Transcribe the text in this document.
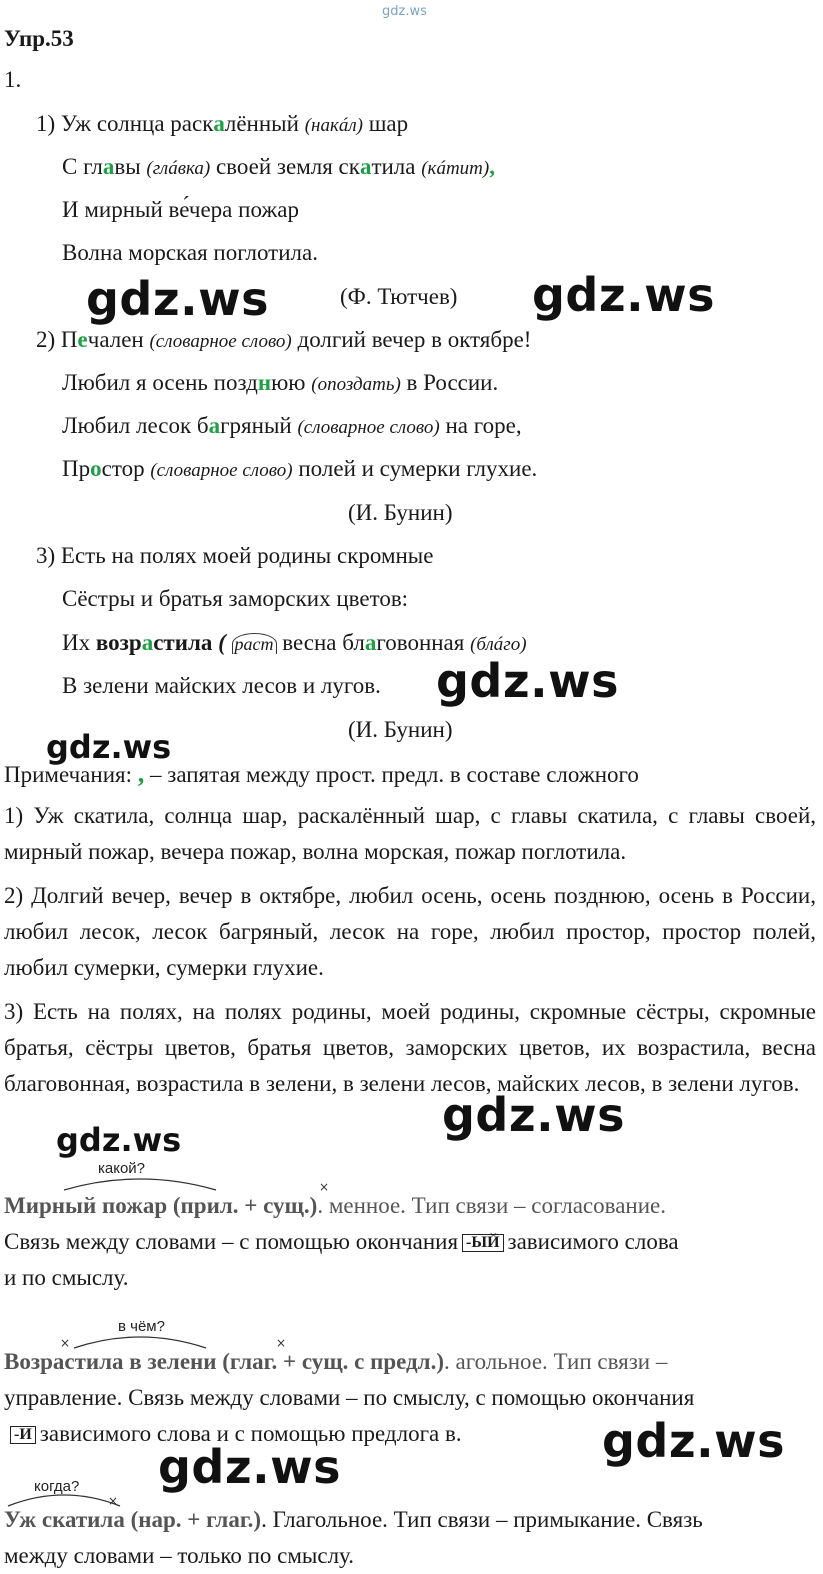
gdz.ws
Упр.53
1.
1) Уж солнца раскалённый (накáл) шар
С главы (глáвка) своей земля скатила (кáтит),
И мирный ве́чера пожар
Волна морская поглотила.
gdz.ws	(Ф. Тютчев) gdz.ws
2) Печален (словарное слово) долгий вечер в октябре!
Любил я осень позднюю (опоздать) в России.
Любил лесок багряный (словарное слово) на горе,
Простор (словарное слово) полей и сумерки глухие.
(И. Бунин)
3) Есть на полях моей родины скромные
Сёстры и братья заморских цветов:
Их возрастила ( раст весна благовонная (блáго)
В зелени майских лесов и лугов. gdz.ws
(И. Бунин)
gdz.ws
Примечания: , – запятая между прост. предл. в составе сложного
1) Уж скатила, солнца шар, раскалённый шар, с главы скатила, с главы своей, мирный пожар, вечера пожар, волна морская, пожар поглотила.
2) Долгий вечер, вечер в октябре, любил осень, осень позднюю, осень в России, любил лесок, лесок багряный, лесок на горе, любил простор, простор полей, любил сумерки, сумерки глухие.
3) Есть на полях, на полях родины, моей родины, скромные сёстры, скромные братья, сёстры цветов, братья цветов, заморских цветов, их возрастила, весна благовонная, возрастила в зелени, в зелени лесов, майских лесов, в зелени лугов.
gdz.ws
gdz.ws
какой?
×
Мирный пожар (прил. + сущ.). менное. Тип связи – согласование.
Связь между словами – с помощью окончания -ЫЙ зависимого слова
и по смыслу.
в чём?
×	×
Возрастила в зелени (глаг. + сущ. с предл.). агольное. Тип связи –
управление. Связь между словами – по смыслу, с помощью окончания
-И зависимого слова и с помощью предлога в.	gdz.ws
gdz.ws
когда?
×
Уж скатила (нар. + глаг.). Глагольное. Тип связи – примыкание. Связь
между словами – только по смыслу.
